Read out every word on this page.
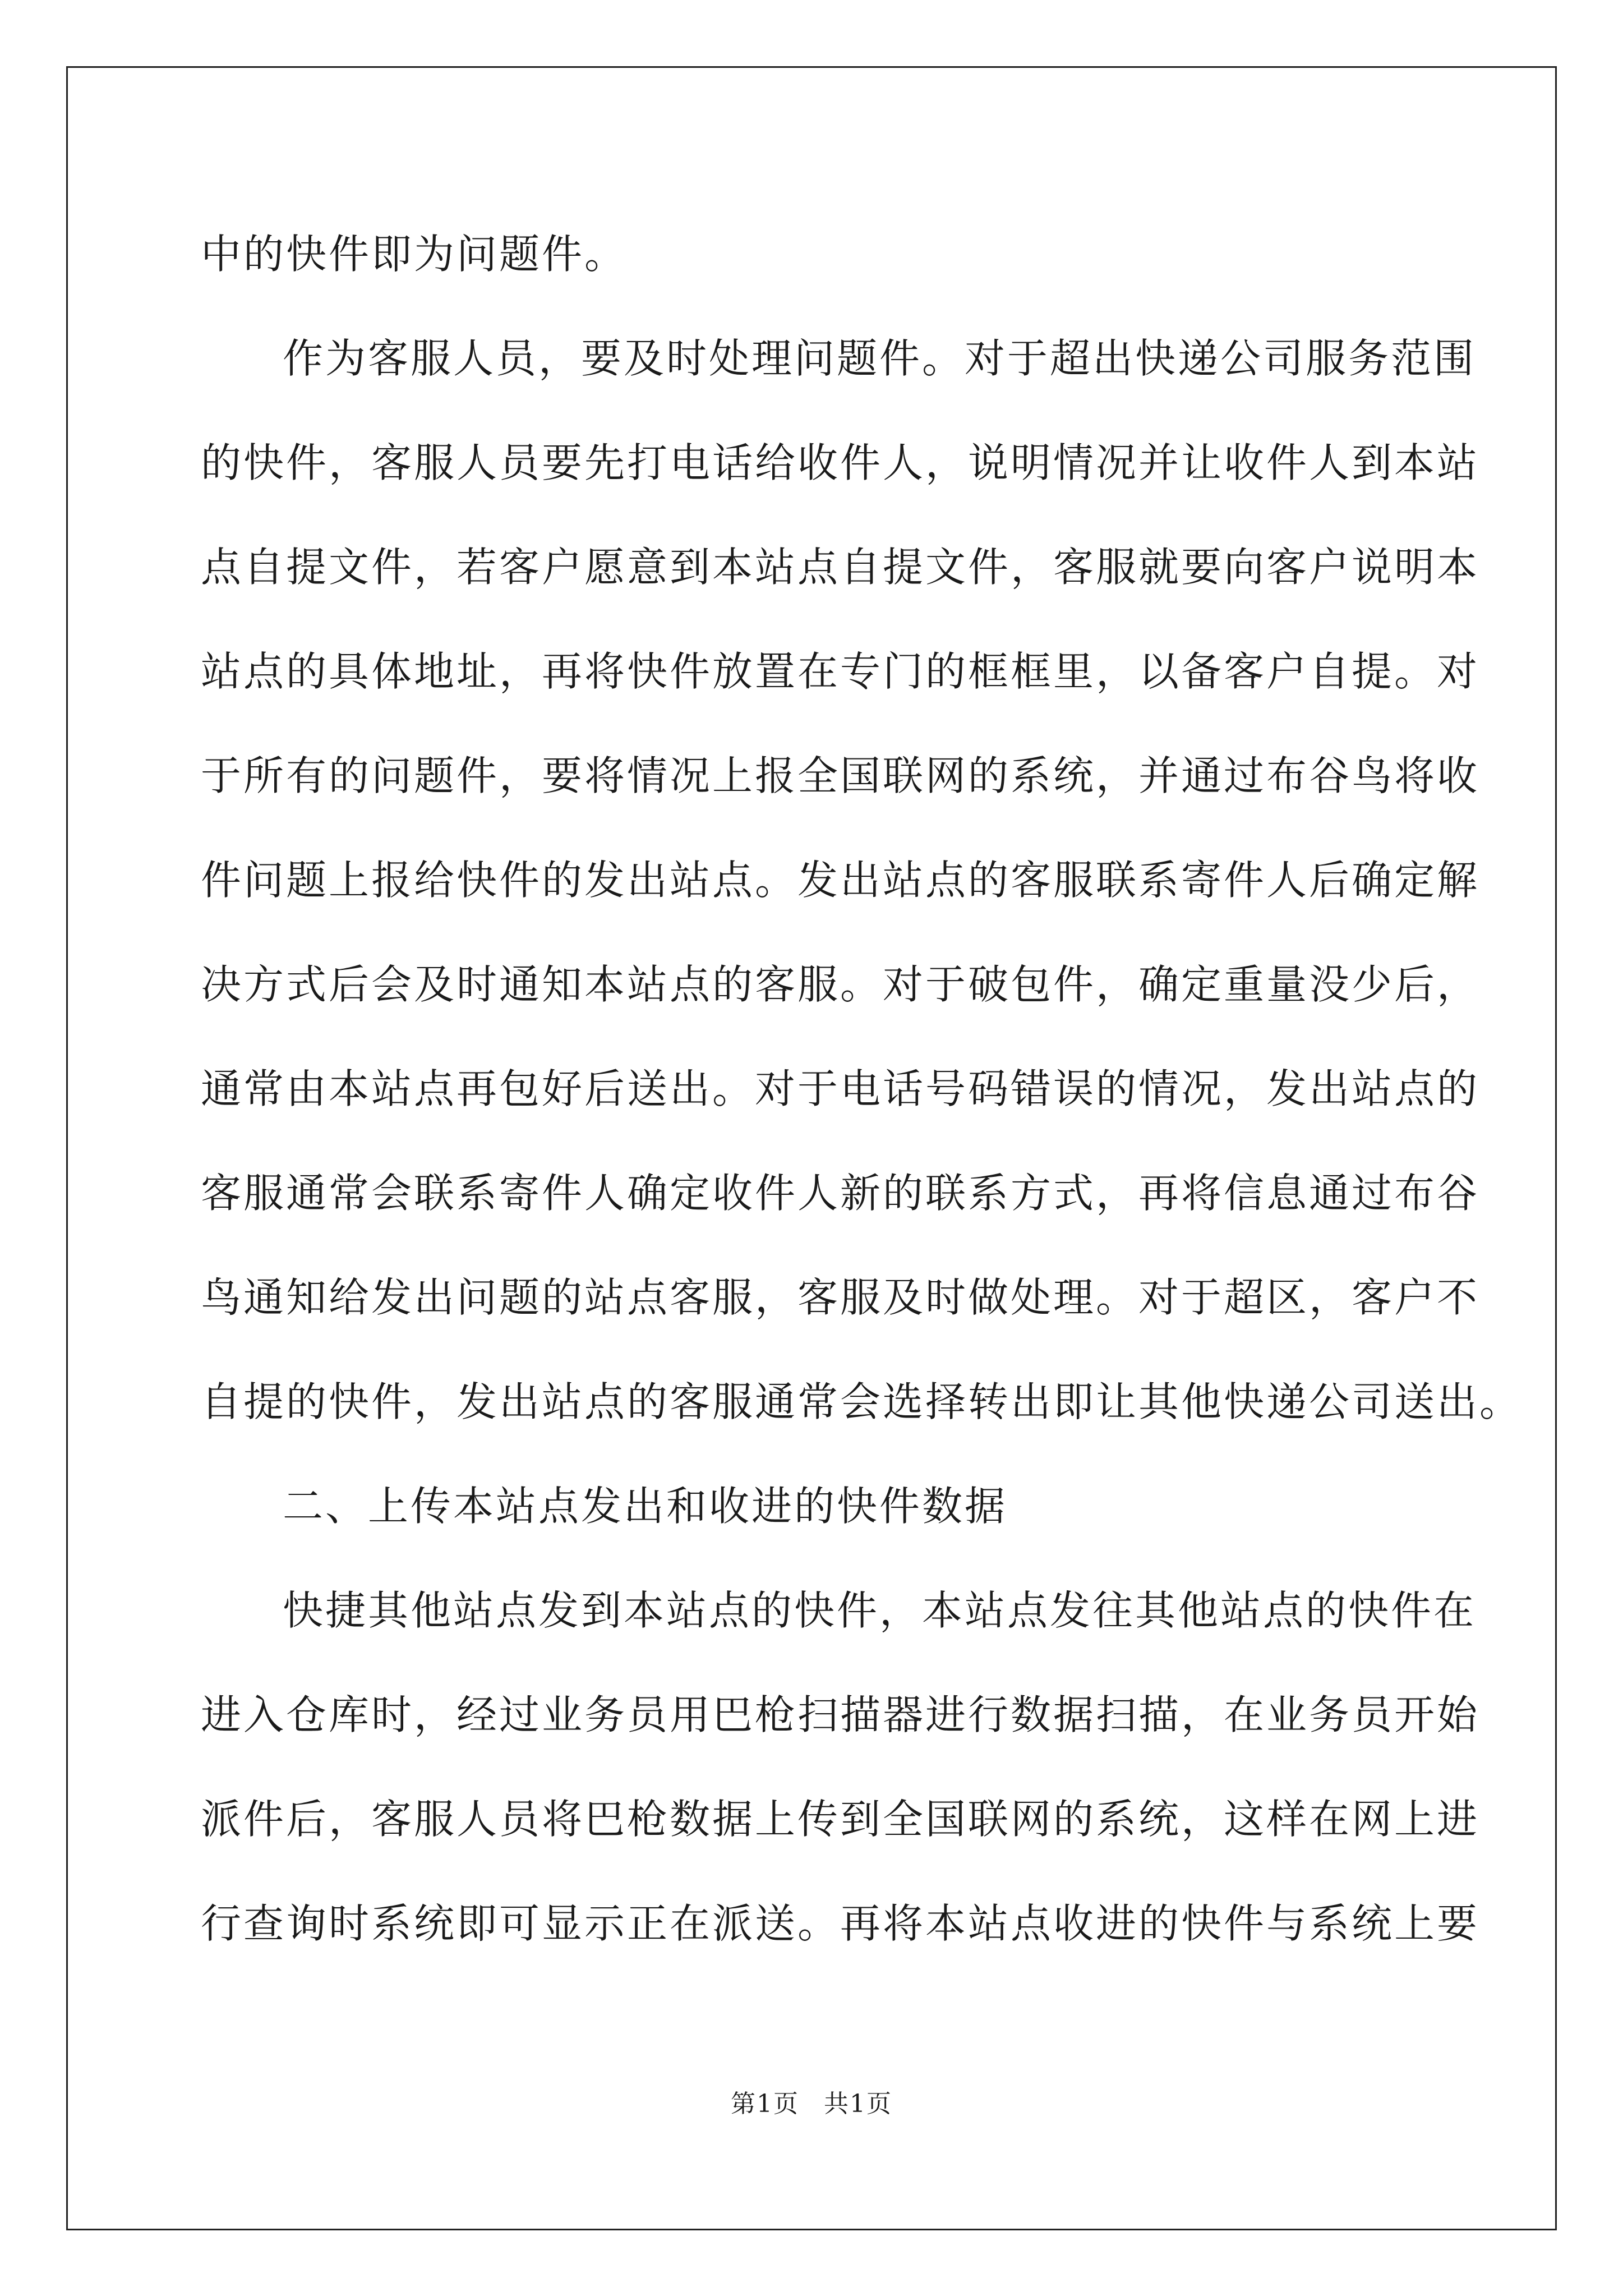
中的快件即为问题件。
作为客服人员，要及时处理问题件。对于超出快递公司服务范围
的快件，客服人员要先打电话给收件人，说明情况并让收件人到本站
点自提文件，若客户愿意到本站点自提文件，客服就要向客户说明本
站点的具体地址，再将快件放置在专门的框框里，以备客户自提。对
于所有的问题件，要将情况上报全国联网的系统，并通过布谷鸟将收
件问题上报给快件的发出站点。发出站点的客服联系寄件人后确定解
决方式后会及时通知本站点的客服。对于破包件，确定重量没少后，
通常由本站点再包好后送出。对于电话号码错误的情况，发出站点的
客服通常会联系寄件人确定收件人新的联系方式，再将信息通过布谷
鸟通知给发出问题的站点客服，客服及时做处理。对于超区，客户不
自提的快件，发出站点的客服通常会选择转出即让其他快递公司送出。
二、上传本站点发出和收进的快件数据
快捷其他站点发到本站点的快件，本站点发往其他站点的快件在
进入仓库时，经过业务员用巴枪扫描器进行数据扫描，在业务员开始
派件后，客服人员将巴枪数据上传到全国联网的系统，这样在网上进
行查询时系统即可显示正在派送。再将本站点收进的快件与系统上要
第1页 共1页
